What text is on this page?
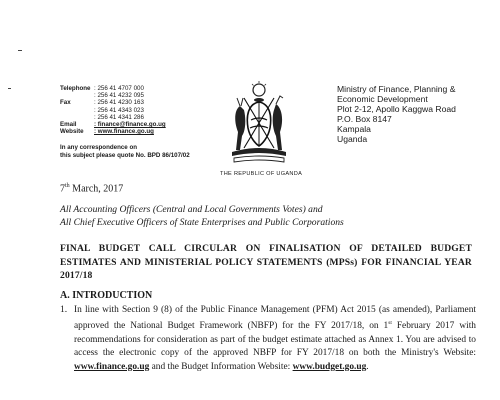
Telephone : 256 41 4707 000
: 256 41 4232 095
Fax	: 256 41 4230 163
: 256 41 4343 023
: 256 41 4341 286
Email	: finance@finance.go.ug
Website	: www.finance.go.ug
In any correspondence on
this subject please quote No. BPD 86/107/02
THE REPUBLIC OF UGANDA
Ministry of Finance, Planning &
Economic Development
Plot 2-12, Apollo Kaggwa Road
P.O. Box 8147
Kampala
Uganda
7th March, 2017
All Accounting Officers (Central and Local Governments Votes) and
All Chief Executive Officers of State Enterprises and Public Corporations
FINAL BUDGET CALL CIRCULAR ON FINALISATION OF DETAILED BUDGET ESTIMATES AND MINISTERIAL POLICY STATEMENTS (MPSs) FOR FINANCIAL YEAR 2017/18
A. INTRODUCTION
1. In line with Section 9 (8) of the Public Finance Management (PFM) Act 2015 (as amended), Parliament approved the National Budget Framework (NBFP) for the FY 2017/18, on 1st February 2017 with recommendations for consideration as part of the budget estimate attached as Annex 1. You are advised to access the electronic copy of the approved NBFP for FY 2017/18 on both the Ministry's Website: www.finance.go.ug and the Budget Information Website: www.budget.go.ug.
